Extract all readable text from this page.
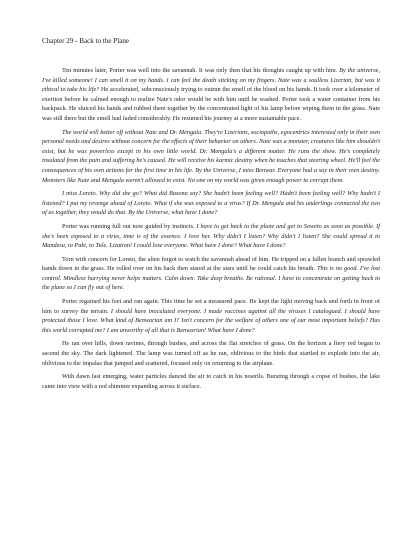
Chapter 29 - Back to the Plane

Ten minutes later, Porter was well into the savannah. It was only then that his thoughts caught up with him. By the universe, I've killed someone! I can smell it on my hands. I can feel the death sticking on my fingers. Nate was a soulless Lizerian, but was it ethical to take his life? He accelerated, subconsciously trying to outrun the smell of the blood on his hands. It took over a kilometer of exertion before he calmed enough to realize Nate's odor would be with him until he washed. Porter took a water container from his backpack. He sluiced his hands and rubbed them together by the concentrated light of his lamp before wiping them in the grass. Nate was still there but the smell had faded considerably. He resumed his journey at a more sustainable pace.

The world will better off without Nate and Dr. Mengala. They're Lizerians, sociopaths, egocentrics interested only in their own personal needs and desires without concern for the effects of their behavior on others. Nate was a monster, creatures like him shouldn't exist, but he was powerless except in his own little world. Dr. Mengala's a different matter. He runs the show. He's completely insulated from the pain and suffering he's caused. He will receive his karmic destiny when he touches that steering wheel. He'll feel the consequences of his own actions for the first time in his life. By the Universe, I miss Benwar. Everyone had a say in their own destiny. Monsters like Nate and Mengala weren't allowed to exist. No one on my world was given enough power to corrupt them.

I miss Loreto. Why did she go? What did Basona say? She hadn't been feeling well? Hadn't been feeling well? Why hadn't I listened? I put my revenge ahead of Loreto. What if she was exposed to a virus? If Dr. Mengala and his underlings connected the two of us together, they would do that. By the Universe, what have I done?

Porter was running full out now guided by instincts. I have to get back to the plane and get to Soweto as soon as possible. If she's been exposed to a virus, time is of the essence. I love her. Why didn't I listen? Why didn't I listen? She could spread it to Mandesa, to Paki, to Tule. Lization! I could lose everyone. What have I done? What have I done?

Torn with concern for Loreto, the alien forgot to watch the savannah ahead of him. He tripped on a fallen branch and sprawled hands down in the grass. He rolled over on his back then stared at the stars until he could catch his breath. This is no good. I've lost control. Mindless hurrying never helps matters. Calm down. Take deep breaths. Be rational. I have to concentrate on getting back to the plane so I can fly out of here.

Porter regained his feet and ran again. This time he set a measured pace. He kept the light moving back and forth in front of him to survey the terrain. I should have inoculated everyone. I made vaccines against all the viruses I catalogued. I should have protected those I love. What kind of Benwarian am I? Isn't concern for the welfare of others one of our most important beliefs? Has this world corrupted me? I am unworthy of all that is Benwarian! What have I done?

He ran over hills, down ravines, through bushes, and across the flat stretches of grass. On the horizon a fiery red began to ascend the sky. The dark lightened. The lamp was turned off as he ran, oblivious to the birds that startled to explode into the air, oblivious to the impalas that jumped and scattered, focused only on returning to the airplane.

With dawn fast emerging, water particles danced the air to catch in his nostrils. Bursting through a copse of bushes, the lake came into view with a red shimmer expanding across it surface.
